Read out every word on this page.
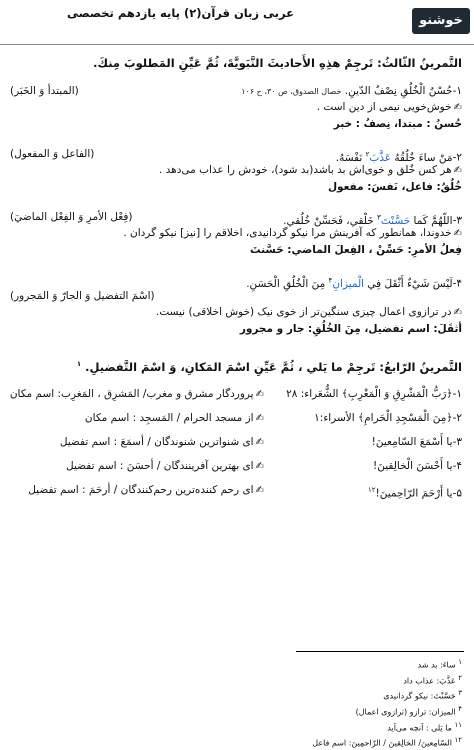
خوشنو
عربی زبان قرآن(۲) پایه یازدهم تخصصی
التَّمرينُ الثّالثُ: تَرجِمْ هذِهِ الأَحاديثَ النَّبَويَّةَ، ثُمَّ عَيِّنِ المَطلوبَ مِنكَ.
۱-حُسْنُ الْخُلُقِ نِصْفُ الدّينِ. خصال الصدوق، ص ۳۰، ح ۱۰۶
(المبتدأ وَ الخَبَر)
✍خوش‌خویی نیمی از دین است .
حُسنُ : مبتدا، نِصفُ : خبر
۲-مَنْ ساءَ خُلُقُهُ عَذَّبَ$^۲$ نَفْسَهُ.
(الفاعل وَ المفعول)
✍هر کس خُلق و خوی‌اش بد باشد(بد شود)، خودش را عذاب می‌دهد .
خُلُقُ: فاعل، نَفسَ: مفعول
۳-اللّهُمَّ كَما حَسَّنْتَ$^۳$ خَلْقي، فَحَسِّنْ خُلُقي.
(فِعْل الأمرِ وَ الفِعْل الماضيَ)
✍خدوندا، همانطور که آفرینش مرا نیکو گردانیدی، اخلاقم را [نیز] نیکو گردان .
فِعلُ الأمرِ: حَسِّنْ ، الفِعلَ الماضي: حَسَّنتَ
۴-لَيْسَ شَيْءٌ أَثْقَلَ فِي الْميزانِ$^۴$ مِنَ الْخُلُقِ الْحَسَنِ.
(اسْمَ التفضيل وَ الجارّ وَ المَجرور)
✍در ترازوی اعمال چیزی سنگین‌تر از خوی نیک (خوش اخلاقی) نیست.
أثقَلَ: اسم تفضیل، مِنَ الخُلُقِ: جار و مجرور
التَّمرينُ الرّابعُ: تَرجِمْ ما يَلي ، ثُمَّ عَيِّنِ اسْمَ المَكانِ، وَ اسْمَ التَّفضيلِ. $^۱$
۱-﴿رَبُّ الْمَشْرِقِ وَ الْمَغْرِبِ﴾ الشُّعَراء: ۲۸
✍پروردگار مشرق و مغرب/ المَشرِق ، المَغرِب: اسم مکان
۲-﴿مِنَ الْمَسْجِدِ الْحَرامِ﴾ الأسراء:۱
✍از مسجد الحرام / المَسجِد : اسم مکان
۳-يا أَسْمَعَ السّامِعينَ!
✍ای شنواترین شنوندگان / أسمَعَ : اسم تفضیل
۴-يا أَحْسَنَ الْخالِقينَ!
✍ای بهترین آفرینندگان / أحسَنَ : اسم تفضیل
۵-يا أَرْحَمَ الرّاحِمينَ!$^{۱۲}$
✍ای رحم کننده‌ترین رحم‌کنندگان / أرحَمَ : اسم تفضیل
۱ ساءَ: بد شد
۲ عَذَّبَ: عذاب داد
۳ حَسَّنْتَ: نیکو گردانیدی
۴ المیزان: ترازو (ترازوی اعمال)
۱۱ ما یَلی : آنچه می‌آید
۱۲ السّامِعینَ/ الخالِقینَ / الرّاحمِینَ: اسم فاعل
